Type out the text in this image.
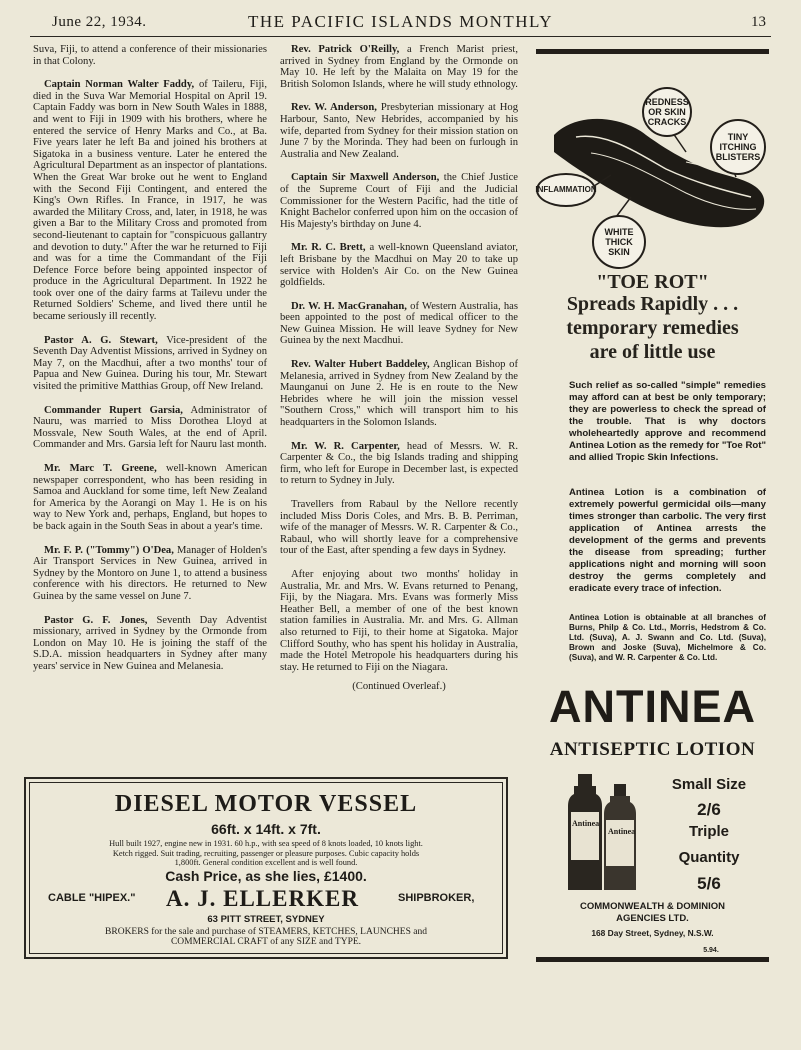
June 22, 1934.	THE PACIFIC ISLANDS MONTHLY	13

Suva, Fiji, to attend a conference of their missionaries in that Colony.

Captain Norman Walter Faddy, of Taileru, Fiji, died in the Suva War Memorial Hospital on April 19. Captain Faddy was born in New South Wales in 1888, and went to Fiji in 1909 with his brothers, where he entered the service of Henry Marks and Co., at Ba. Five years later he left Ba and joined his brothers at Sigatoka in a business venture. Later he entered the Agricultural Department as an inspector of plantations. When the Great War broke out he went to England with the Second Fiji Contingent, and entered the King's Own Rifles. In France, in 1917, he was awarded the Military Cross, and, later, in 1918, he was given a Bar to the Military Cross and promoted from second-lieutenant to captain for "conspicuous gallantry and devotion to duty." After the war he returned to Fiji and was for a time the Commandant of the Fiji Defence Force before being appointed inspector of produce in the Agricultural Department. In 1922 he took over one of the dairy farms at Tailevu under the Returned Soldiers' Scheme, and lived there until he became seriously ill recently.

Pastor A. G. Stewart, Vice-president of the Seventh Day Adventist Missions, arrived in Sydney on May 7, on the Macdhui, after a two months' tour of Papua and New Guinea. During his tour, Mr. Stewart visited the primitive Matthias Group, off New Ireland.

Commander Rupert Garsia, Administrator of Nauru, was married to Miss Dorothea Lloyd at Mossvale, New South Wales, at the end of April. Commander and Mrs. Garsia left for Nauru last month.

Mr. Marc T. Greene, well-known American newspaper correspondent, who has been residing in Samoa and Auckland for some time, left New Zealand for America by the Aorangi on May 1. He is on his way to New York and, perhaps, England, but hopes to be back again in the South Seas in about a year's time.

Mr. F. P. ("Tommy") O'Dea, Manager of Holden's Air Transport Services in New Guinea, arrived in Sydney by the Montoro on June 1, to attend a business conference with his directors. He returned to New Guinea by the same vessel on June 7.

Pastor G. F. Jones, Seventh Day Adventist missionary, arrived in Sydney by the Ormonde from London on May 10. He is joining the staff of the S.D.A. mission headquarters in Sydney after many years' service in New Guinea and Melanesia.

Rev. Patrick O'Reilly, a French Marist priest, arrived in Sydney from England by the Ormonde on May 10. He left by the Malaita on May 19 for the British Solomon Islands, where he will study ethnology.

Rev. W. Anderson, Presbyterian missionary at Hog Harbour, Santo, New Hebrides, accompanied by his wife, departed from Sydney for their mission station on June 7 by the Morinda. They had been on furlough in Australia and New Zealand.

Captain Sir Maxwell Anderson, the Chief Justice of the Supreme Court of Fiji and the Judicial Commissioner for the Western Pacific, had the title of Knight Bachelor conferred upon him on the occasion of His Majesty's birthday on June 4.

Mr. R. C. Brett, a well-known Queensland aviator, left Brisbane by the Macdhui on May 20 to take up service with Holden's Air Co. on the New Guinea goldfields.

Dr. W. H. MacGranahan, of Western Australia, has been appointed to the post of medical officer to the New Guinea Mission. He will leave Sydney for New Guinea by the next Macdhui.

Rev. Walter Hubert Baddeley, Anglican Bishop of Melanesia, arrived in Sydney from New Zealand by the Maunganui on June 2. He is en route to the New Hebrides where he will join the mission vessel "Southern Cross," which will transport him to his headquarters in the Solomon Islands.

Mr. W. R. Carpenter, head of Messrs. W. R. Carpenter & Co., the big Islands trading and shipping firm, who left for Europe in December last, is expected to return to Sydney in July.

Travellers from Rabaul by the Nellore recently included Miss Doris Coles, and Mrs. B. B. Perriman, wife of the manager of Messrs. W. R. Carpenter & Co., Rabaul, who will shortly leave for a comprehensive tour of the East, after spending a few days in Sydney.

After enjoying about two months' holiday in Australia, Mr. and Mrs. W. Evans returned to Penang, Fiji, by the Niagara. Mrs. Evans was formerly Miss Heather Bell, a member of one of the best known station families in Australia. Mr. and Mrs. G. Allman also returned to Fiji, to their home at Sigatoka. Major Clifford Southy, who has spent his holiday in Australia, made the Hotel Metropole his headquarters during his stay. He returned to Fiji on the Niagara.

(Continued Overleaf.)
REDNESS OR SKIN CRACKS
TINY ITCHING BLISTERS
INFLAMMATION
WHITE THICK SKIN
"TOE ROT"
Spreads Rapidly . . .
temporary remedies
are of little use
Such relief as so-called "simple" remedies may afford can at best be only temporary; they are powerless to check the spread of the trouble. That is why doctors wholeheartedly approve and recommend Antinea Lotion as the remedy for "Toe Rot" and allied Tropic Skin Infections.
Antinea Lotion is a combination of extremely powerful germicidal oils—many times stronger than carbolic. The very first application of Antinea arrests the development of the germs and prevents the disease from spreading; further applications night and morning will soon destroy the germs completely and eradicate every trace of infection.
Antinea Lotion is obtainable at all branches of Burns, Philp & Co. Ltd., Morris, Hedstrom & Co. Ltd. (Suva), A. J. Swann and Co. Ltd. (Suva), Brown and Joske (Suva), Michelmore & Co. (Suva), and W. R. Carpenter & Co. Ltd.
ANTINEA
ANTISEPTIC LOTION
Antinea
Antinea
Small Size
2/6
Triple
Quantity
5/6
COMMONWEALTH & DOMINION
AGENCIES LTD.
168 Day Street, Sydney, N.S.W.
5.94.
DIESEL MOTOR VESSEL
66ft. x 14ft. x 7ft.
Hull built 1927, engine new in 1931. 60 h.p., with sea speed of 8 knots loaded, 10 knots light.
Ketch rigged. Suit trading, recruiting, passenger or pleasure purposes. Cubic capacity holds
1,800ft. General condition excellent and is well found.
Cash Price, as she lies, £1400.
CABLE "HIPEX." A. J. ELLERKER	SHIPBROKER,
63 PITT STREET, SYDNEY
BROKERS for the sale and purchase of STEAMERS, KETCHES, LAUNCHES and
COMMERCIAL CRAFT of any SIZE and TYPE.
